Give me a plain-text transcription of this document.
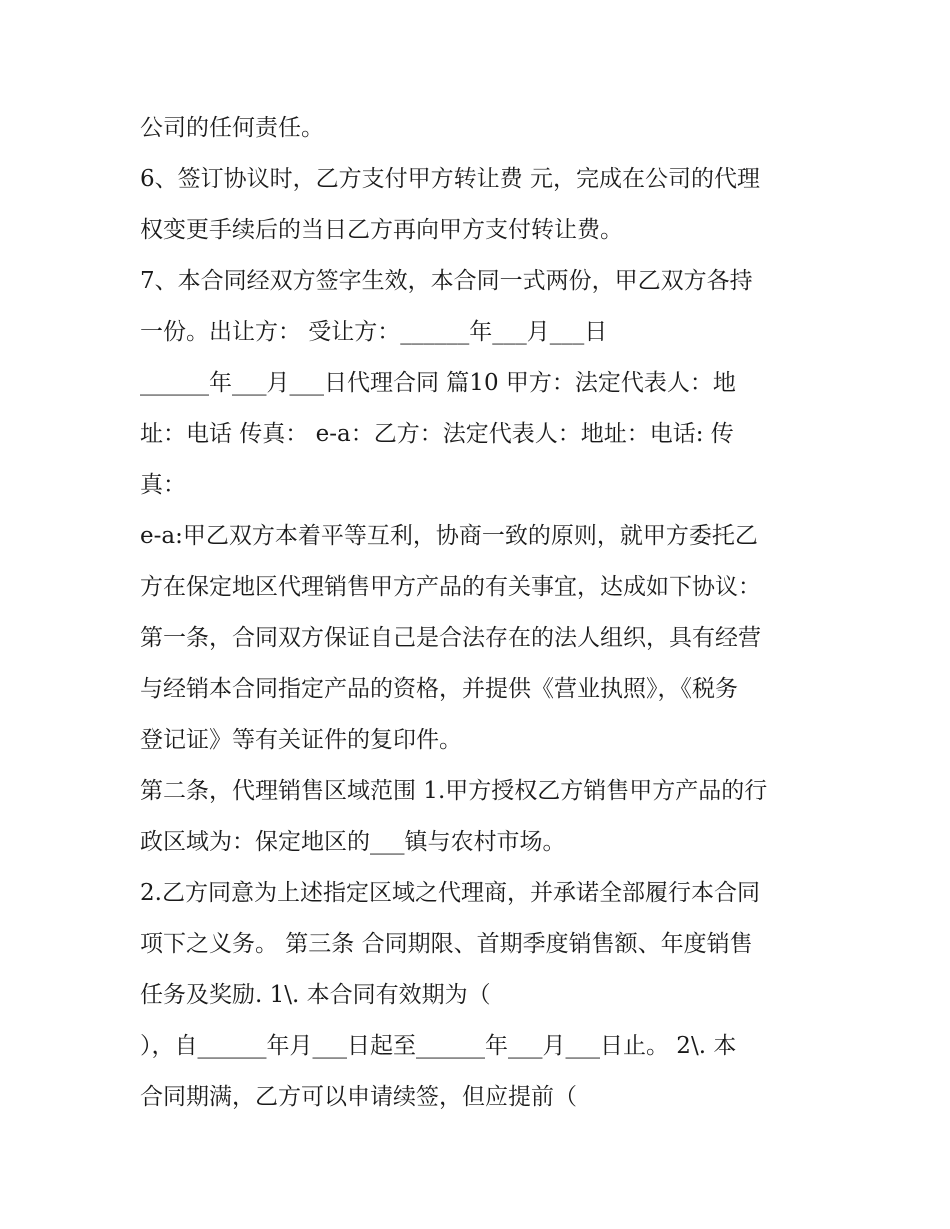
公司的任何责任。
6、签订协议时，乙方支付甲方转让费 元，完成在公司的代理
权变更手续后的当日乙方再向甲方支付转让费。
7、本合同经双方签字生效，本合同一式两份，甲乙双方各持
一份。出让方： 受让方：______年___月___日
______年___月___日代理合同 篇10 甲方：法定代表人：地
址：电话 传真： e-a：乙方：法定代表人：地址：电话: 传
真：
e-a:甲乙双方本着平等互利，协商一致的原则，就甲方委托乙
方在保定地区代理销售甲方产品的有关事宜，达成如下协议：
第一条，合同双方保证自己是合法存在的法人组织，具有经营
与经销本合同指定产品的资格，并提供《营业执照》，《税务
登记证》等有关证件的复印件。
第二条，代理销售区域范围 1.甲方授权乙方销售甲方产品的行
政区域为：保定地区的___镇与农村市场。
2.乙方同意为上述指定区域之代理商，并承诺全部履行本合同
项下之义务。 第三条 合同期限、首期季度销售额、年度销售
任务及奖励. 1\. 本合同有效期为（
），自______年月___日起至______年___月___日止。 2\. 本
合同期满，乙方可以申请续签，但应提前（
